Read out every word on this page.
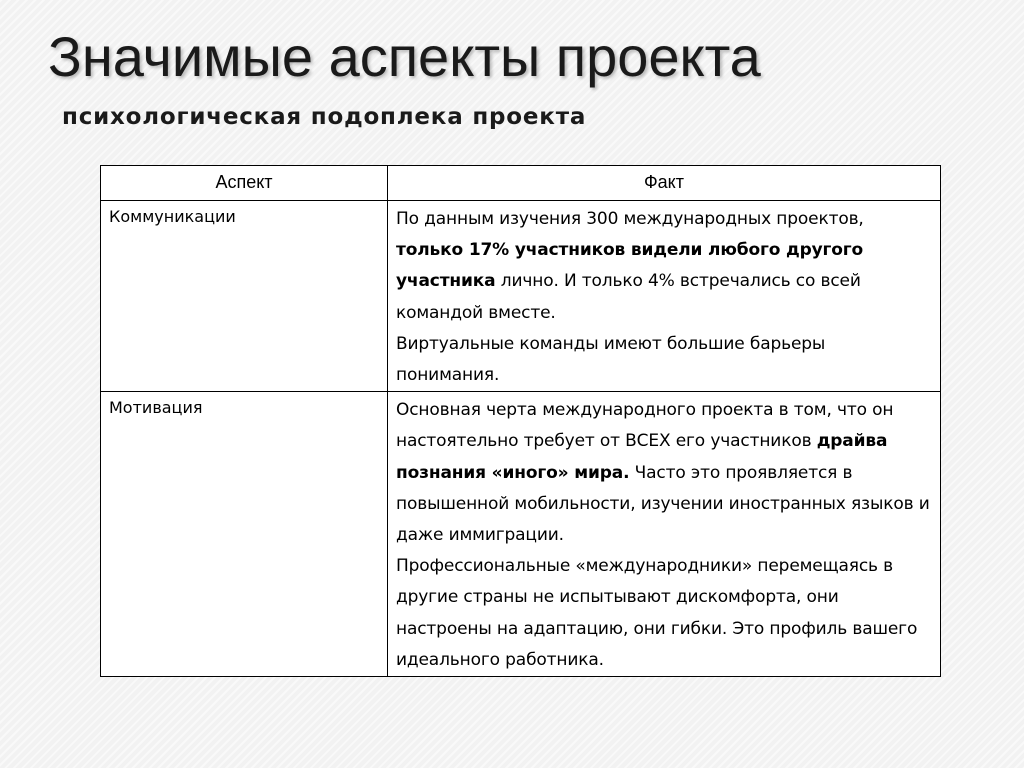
Значимые аспекты проекта
психологическая подоплека проекта
Аспект	Факт
Коммуникации	По данным изучения 300 международных проектов, только 17% участников видели любого другого участника лично. И только 4% встречались со всей командой вместе.

Виртуальные команды имеют большие барьеры понимания.

Мотивация	Основная черта международного проекта в том, что он настоятельно требует от ВСЕХ его участников драйва познания «иного» мира. Часто это проявляется в повышенной мобильности, изучении иностранных языков и даже иммиграции.

Профессиональные «международники» перемещаясь в другие страны не испытывают дискомфорта, они настроены на адаптацию, они гибки. Это профиль вашего идеального работника.
